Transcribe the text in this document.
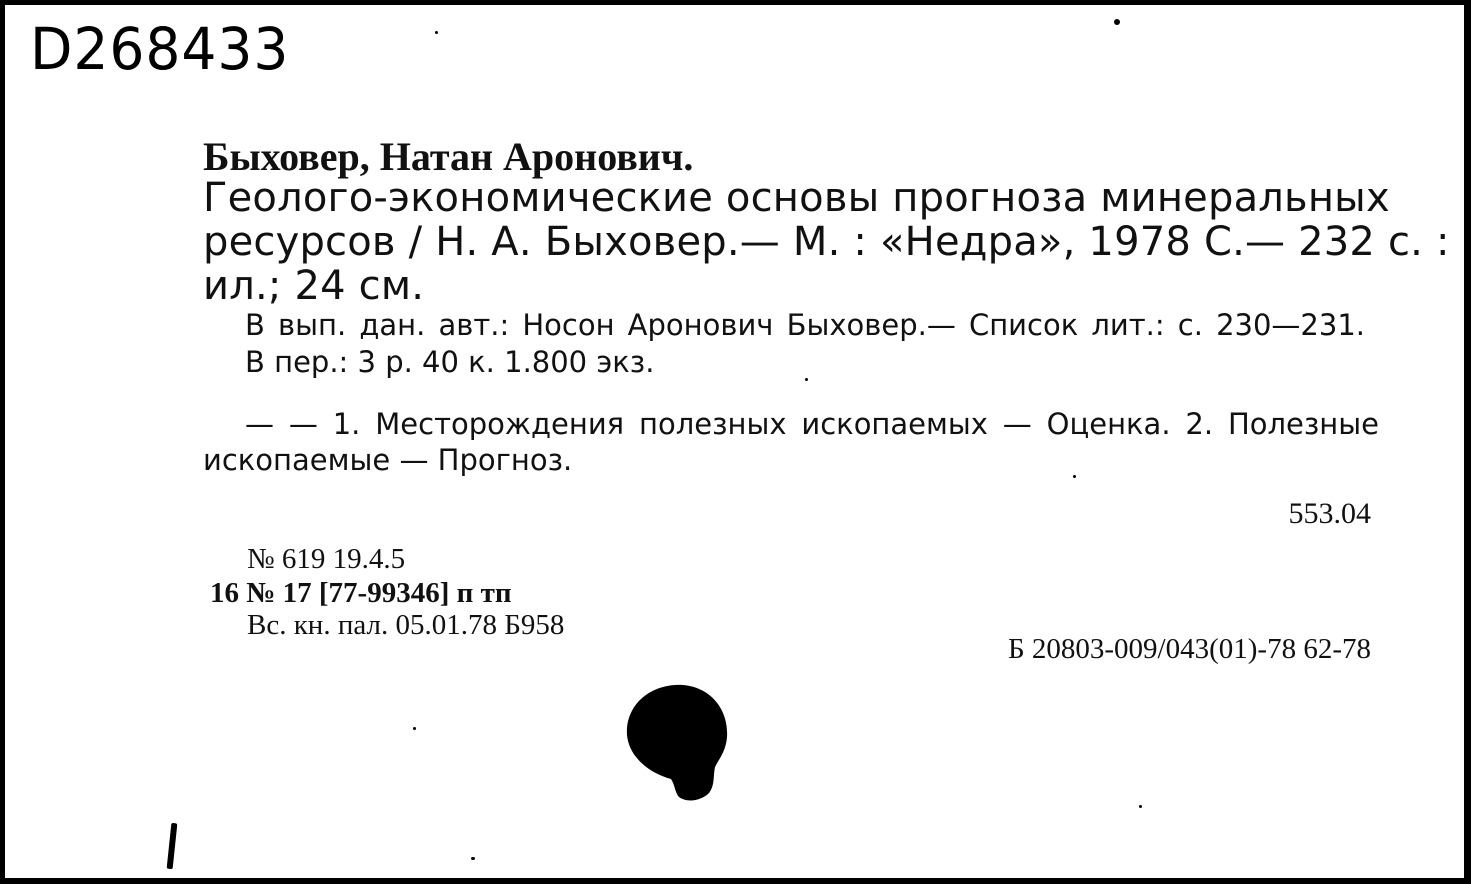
D268433
Быховер, Натан Аронович.
Геолого-экономические основы прогноза минеральных
ресурсов / Н. А. Быховер.— М. : «Недра», 1978 С.— 232 с. :
ил.; 24 см.
В вып. дан. авт.: Носон Аронович Быховер.— Список лит.: с. 230—231.
В пер.: 3 р. 40 к. 1.800 экз.
— — 1. Месторождения полезных ископаемых — Оценка. 2. Полезные
ископаемые — Прогноз.
553.04
№ 619 19.4.5
16 № 17 [77-99346] п тп
Вс. кн. пал. 05.01.78 Б958
Б 20803-009/043(01)-78 62-78
